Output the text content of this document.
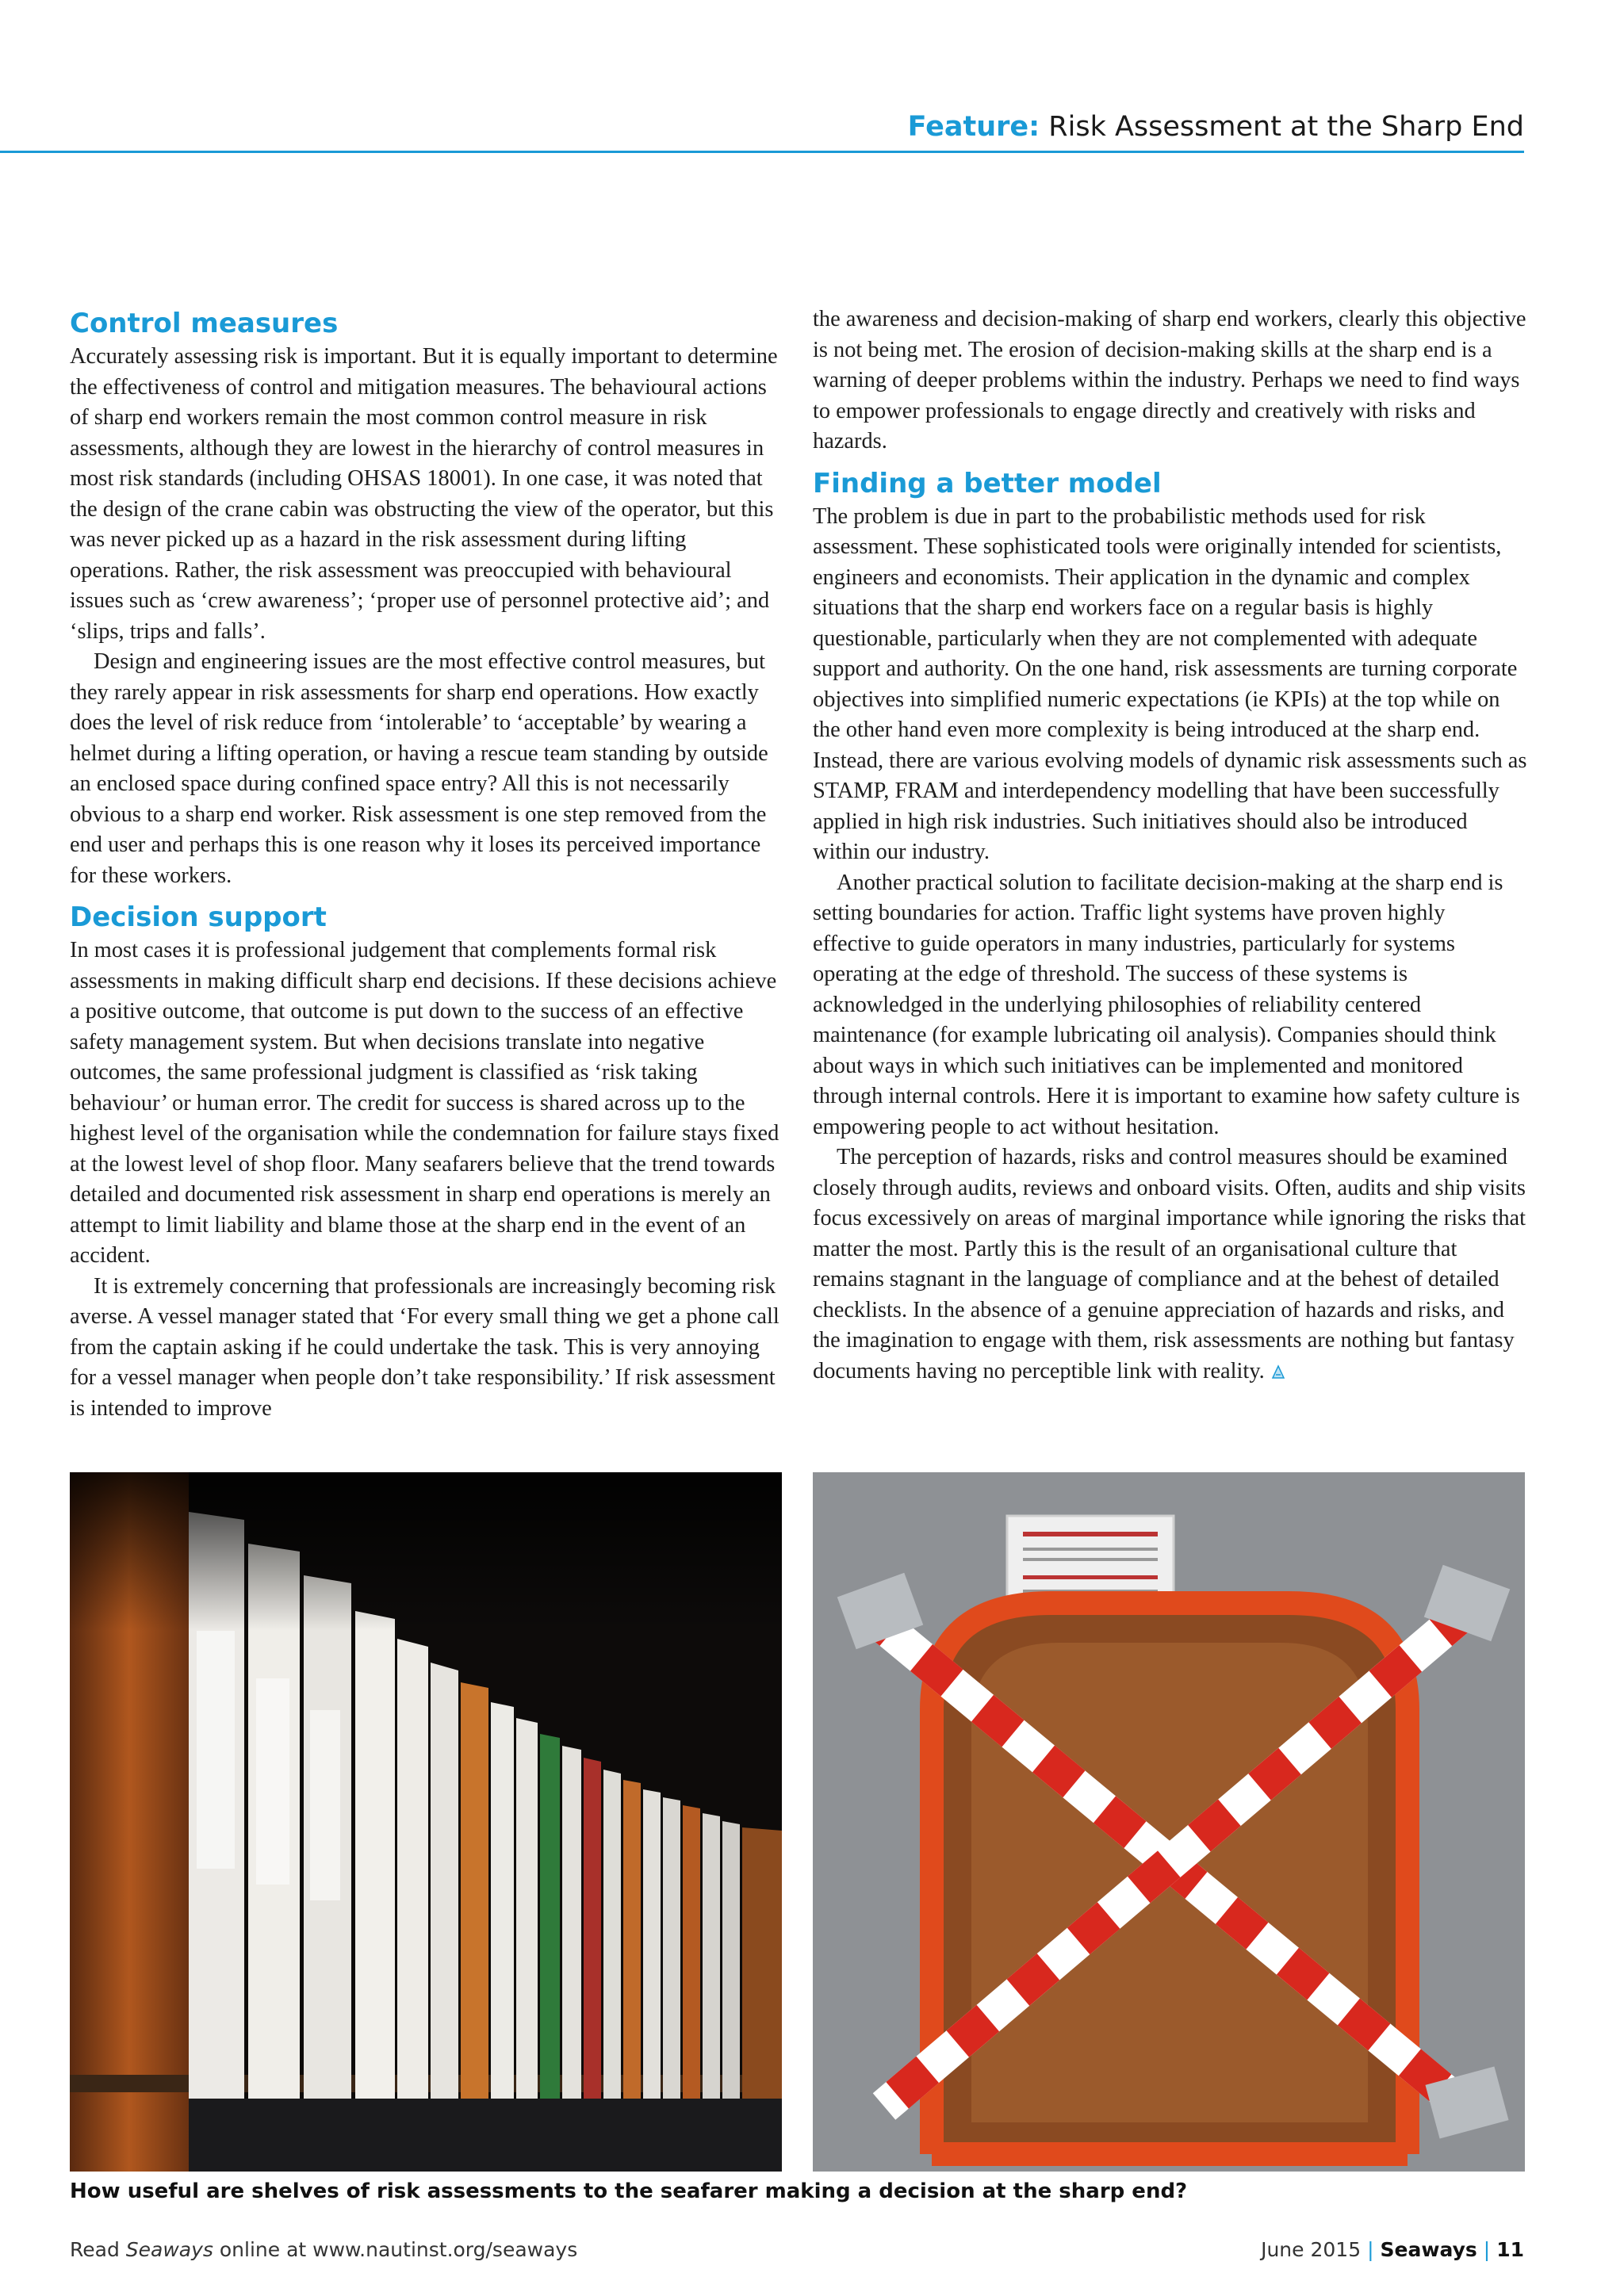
Feature: Risk Assessment at the Sharp End
Control measures

Accurately assessing risk is important. But it is equally important to determine the effectiveness of control and mitigation measures. The behavioural actions of sharp end workers remain the most common control measure in risk assessments, although they are lowest in the hierarchy of control measures in most risk standards (including OHSAS 18001). In one case, it was noted that the design of the crane cabin was obstructing the view of the operator, but this was never picked up as a hazard in the risk assessment during lifting operations. Rather, the risk assessment was preoccupied with behavioural issues such as ‘crew awareness’; ‘proper use of personnel protective aid’; and ‘slips, trips and falls’.

Design and engineering issues are the most effective control measures, but they rarely appear in risk assessments for sharp end operations. How exactly does the level of risk reduce from ‘intolerable’ to ‘acceptable’ by wearing a helmet during a lifting operation, or having a rescue team standing by outside an enclosed space during confined space entry? All this is not necessarily obvious to a sharp end worker. Risk assessment is one step removed from the end user and perhaps this is one reason why it loses its perceived importance for these workers.

Decision support

In most cases it is professional judgement that complements formal risk assessments in making difficult sharp end decisions. If these decisions achieve a positive outcome, that outcome is put down to the success of an effective safety management system. But when decisions translate into negative outcomes, the same professional judgment is classified as ‘risk taking behaviour’ or human error. The credit for success is shared across up to the highest level of the organisation while the condemnation for failure stays fixed at the lowest level of shop floor. Many seafarers believe that the trend towards detailed and documented risk assessment in sharp end operations is merely an attempt to limit liability and blame those at the sharp end in the event of an accident.

It is extremely concerning that professionals are increasingly becoming risk averse. A vessel manager stated that ‘For every small thing we get a phone call from the captain asking if he could undertake the task. This is very annoying for a vessel manager when people don’t take responsibility.’ If risk assessment is intended to improve

the awareness and decision-making of sharp end workers, clearly this objective is not being met. The erosion of decision-making skills at the sharp end is a warning of deeper problems within the industry. Perhaps we need to find ways to empower professionals to engage directly and creatively with risks and hazards.

Finding a better model

The problem is due in part to the probabilistic methods used for risk assessment. These sophisticated tools were originally intended for scientists, engineers and economists. Their application in the dynamic and complex situations that the sharp end workers face on a regular basis is highly questionable, particularly when they are not complemented with adequate support and authority. On the one hand, risk assessments are turning corporate objectives into simplified numeric expectations (ie KPIs) at the top while on the other hand even more complexity is being introduced at the sharp end. Instead, there are various evolving models of dynamic risk assessments such as STAMP, FRAM and interdependency modelling that have been successfully applied in high risk industries. Such initiatives should also be introduced within our industry.

Another practical solution to facilitate decision-making at the sharp end is setting boundaries for action. Traffic light systems have proven highly effective to guide operators in many industries, particularly for systems operating at the edge of threshold. The success of these systems is acknowledged in the underlying philosophies of reliability centered maintenance (for example lubricating oil analysis). Companies should think about ways in which such initiatives can be implemented and monitored through internal controls. Here it is important to examine how safety culture is empowering people to act without hesitation.

The perception of hazards, risks and control measures should be examined closely through audits, reviews and onboard visits. Often, audits and ship visits focus excessively on areas of marginal importance while ignoring the risks that matter the most. Partly this is the result of an organisational culture that remains stagnant in the language of compliance and at the behest of detailed checklists. In the absence of a genuine appreciation of hazards and risks, and the imagination to engage with them, risk assessments are nothing but fantasy documents having no perceptible link with reality.

How useful are shelves of risk assessments to the seafarer making a decision at the sharp end?
Read Seaways online at www.nautinst.org/seaways	June 2015 | Seaways | 11
